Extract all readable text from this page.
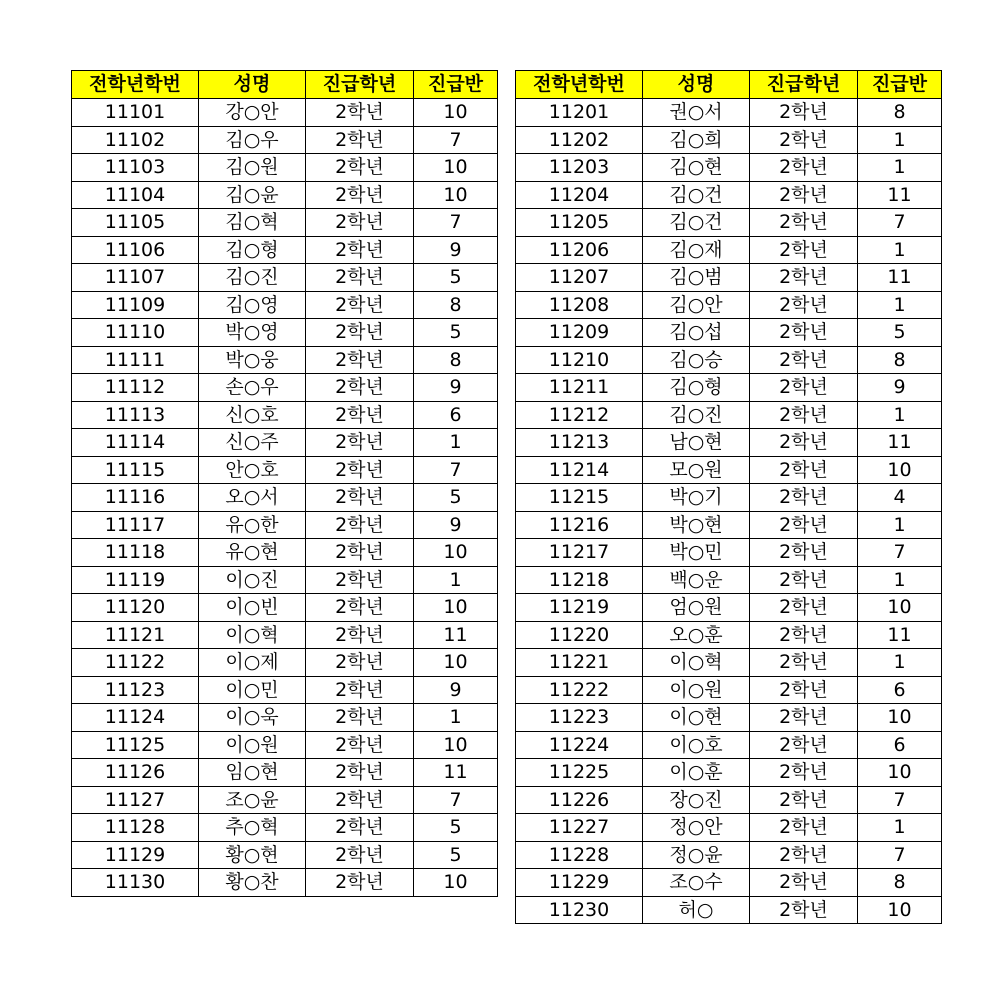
전학년학번	성명	진급학년	진급반
11101	강○안	2학년	10
11102	김○우	2학년	7
11103	김○원	2학년	10
11104	김○윤	2학년	10
11105	김○혁	2학년	7
11106	김○형	2학년	9
11107	김○진	2학년	5
11109	김○영	2학년	8
11110	박○영	2학년	5
11111	박○웅	2학년	8
11112	손○우	2학년	9
11113	신○호	2학년	6
11114	신○주	2학년	1
11115	안○호	2학년	7
11116	오○서	2학년	5
11117	유○한	2학년	9
11118	유○현	2학년	10
11119	이○진	2학년	1
11120	이○빈	2학년	10
11121	이○혁	2학년	11
11122	이○제	2학년	10
11123	이○민	2학년	9
11124	이○욱	2학년	1
11125	이○원	2학년	10
11126	임○현	2학년	11
11127	조○윤	2학년	7
11128	추○혁	2학년	5
11129	황○현	2학년	5
11130	황○찬	2학년	10
전학년학번	성명	진급학년	진급반
11201	권○서	2학년	8
11202	김○희	2학년	1
11203	김○현	2학년	1
11204	김○건	2학년	11
11205	김○건	2학년	7
11206	김○재	2학년	1
11207	김○범	2학년	11
11208	김○안	2학년	1
11209	김○섭	2학년	5
11210	김○승	2학년	8
11211	김○형	2학년	9
11212	김○진	2학년	1
11213	남○현	2학년	11
11214	모○원	2학년	10
11215	박○기	2학년	4
11216	박○현	2학년	1
11217	박○민	2학년	7
11218	백○운	2학년	1
11219	엄○원	2학년	10
11220	오○훈	2학년	11
11221	이○혁	2학년	1
11222	이○원	2학년	6
11223	이○현	2학년	10
11224	이○호	2학년	6
11225	이○훈	2학년	10
11226	장○진	2학년	7
11227	정○안	2학년	1
11228	정○윤	2학년	7
11229	조○수	2학년	8
11230	허○	2학년	10
